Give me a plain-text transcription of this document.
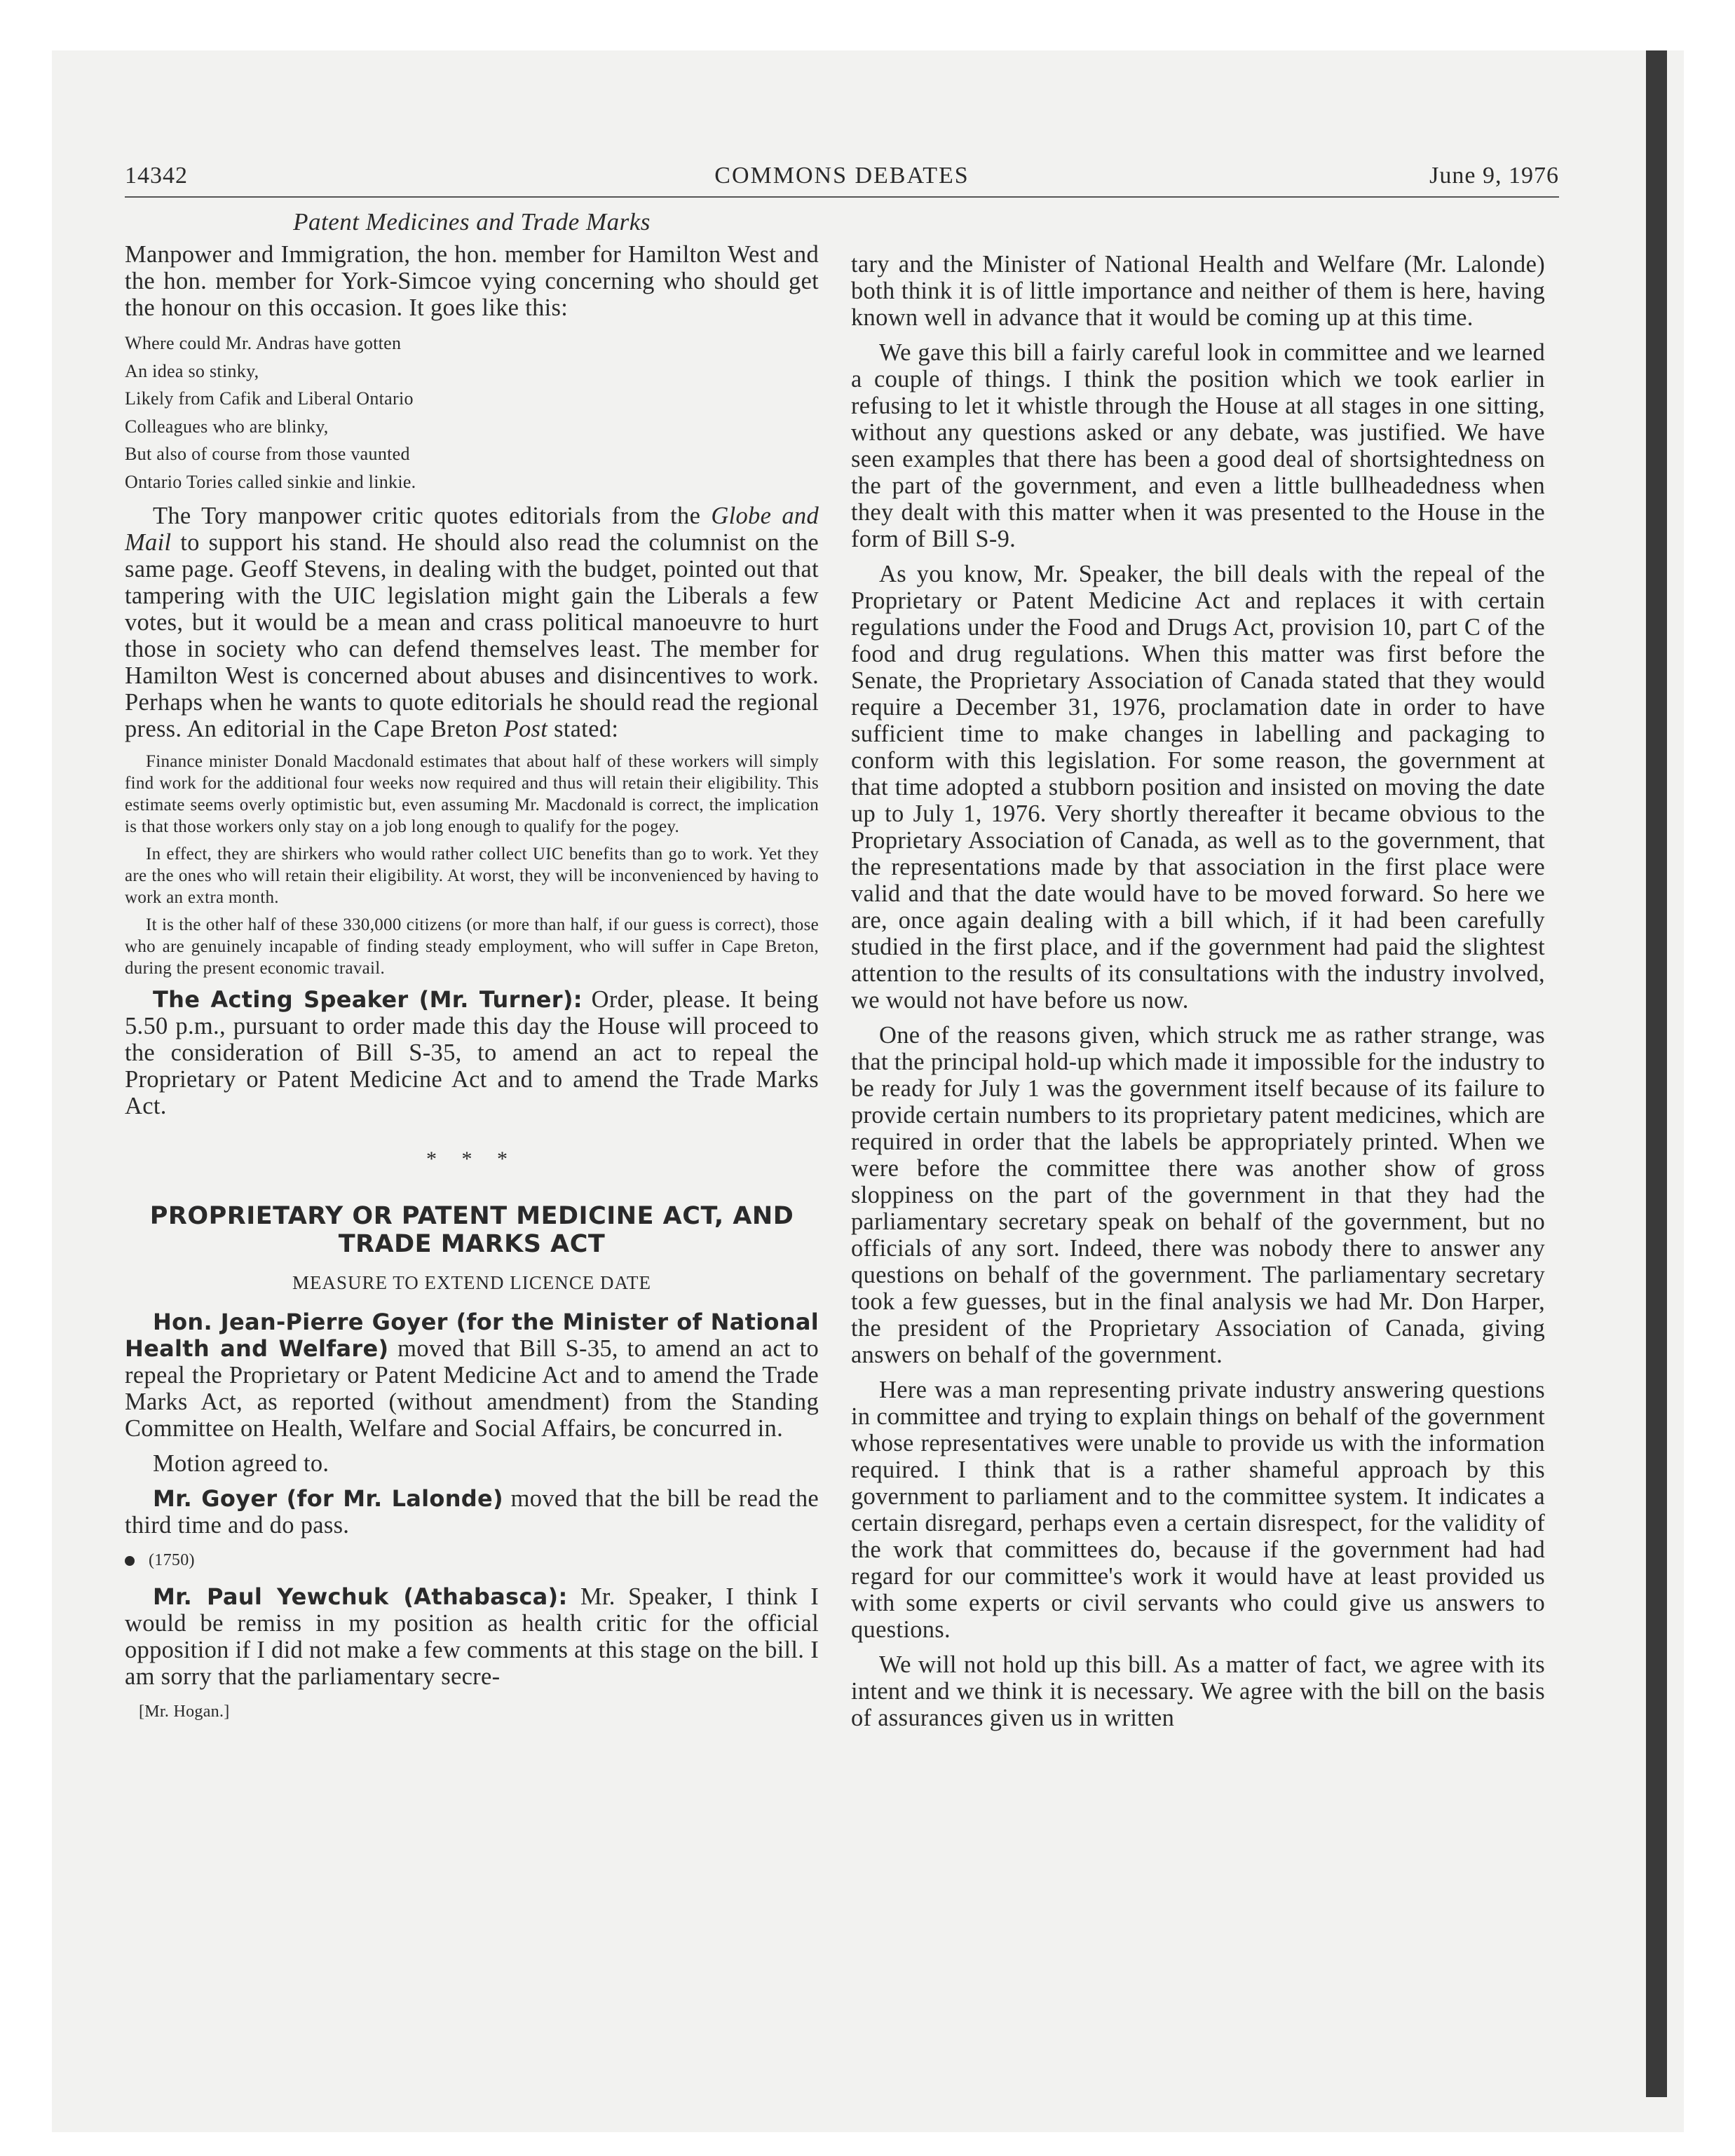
14342	COMMONS DEBATES	June 9, 1976
Patent Medicines and Trade Marks

Manpower and Immigration, the hon. member for Hamilton West and the hon. member for York-Simcoe vying concerning who should get the honour on this occasion. It goes like this:

Where could Mr. Andras have gotten
An idea so stinky,
Likely from Cafik and Liberal Ontario
Colleagues who are blinky,
But also of course from those vaunted
Ontario Tories called sinkie and linkie.

The Tory manpower critic quotes editorials from the Globe and Mail to support his stand. He should also read the columnist on the same page. Geoff Stevens, in dealing with the budget, pointed out that tampering with the UIC legislation might gain the Liberals a few votes, but it would be a mean and crass political manoeuvre to hurt those in society who can defend themselves least. The member for Hamilton West is concerned about abuses and disincentives to work. Perhaps when he wants to quote editorials he should read the regional press. An editorial in the Cape Breton Post stated:

Finance minister Donald Macdonald estimates that about half of these workers will simply find work for the additional four weeks now required and thus will retain their eligibility. This estimate seems overly optimistic but, even assuming Mr. Macdonald is correct, the implication is that those workers only stay on a job long enough to qualify for the pogey.

In effect, they are shirkers who would rather collect UIC benefits than go to work. Yet they are the ones who will retain their eligibility. At worst, they will be inconvenienced by having to work an extra month.

It is the other half of these 330,000 citizens (or more than half, if our guess is correct), those who are genuinely incapable of finding steady employment, who will suffer in Cape Breton, during the present economic travail.

The Acting Speaker (Mr. Turner): Order, please. It being 5.50 p.m., pursuant to order made this day the House will proceed to the consideration of Bill S-35, to amend an act to repeal the Proprietary or Patent Medicine Act and to amend the Trade Marks Act.

* * *
PROPRIETARY OR PATENT MEDICINE ACT, AND TRADE MARKS ACT
MEASURE TO EXTEND LICENCE DATE

Hon. Jean-Pierre Goyer (for the Minister of National Health and Welfare) moved that Bill S-35, to amend an act to repeal the Proprietary or Patent Medicine Act and to amend the Trade Marks Act, as reported (without amendment) from the Standing Committee on Health, Welfare and Social Affairs, be concurred in.

Motion agreed to.

Mr. Goyer (for Mr. Lalonde) moved that the bill be read the third time and do pass.

(1750)

Mr. Paul Yewchuk (Athabasca): Mr. Speaker, I think I would be remiss in my position as health critic for the official opposition if I did not make a few comments at this stage on the bill. I am sorry that the parliamentary secre-

[Mr. Hogan.]

tary and the Minister of National Health and Welfare (Mr. Lalonde) both think it is of little importance and neither of them is here, having known well in advance that it would be coming up at this time.

We gave this bill a fairly careful look in committee and we learned a couple of things. I think the position which we took earlier in refusing to let it whistle through the House at all stages in one sitting, without any questions asked or any debate, was justified. We have seen examples that there has been a good deal of shortsightedness on the part of the government, and even a little bullheadedness when they dealt with this matter when it was presented to the House in the form of Bill S-9.

As you know, Mr. Speaker, the bill deals with the repeal of the Proprietary or Patent Medicine Act and replaces it with certain regulations under the Food and Drugs Act, provision 10, part C of the food and drug regulations. When this matter was first before the Senate, the Proprietary Association of Canada stated that they would require a December 31, 1976, proclamation date in order to have sufficient time to make changes in labelling and packaging to conform with this legislation. For some reason, the government at that time adopted a stubborn position and insisted on moving the date up to July 1, 1976. Very shortly thereafter it became obvious to the Proprietary Association of Canada, as well as to the government, that the representations made by that association in the first place were valid and that the date would have to be moved forward. So here we are, once again dealing with a bill which, if it had been carefully studied in the first place, and if the government had paid the slightest attention to the results of its consultations with the industry involved, we would not have before us now.

One of the reasons given, which struck me as rather strange, was that the principal hold-up which made it impossible for the industry to be ready for July 1 was the government itself because of its failure to provide certain numbers to its proprietary patent medicines, which are required in order that the labels be appropriately printed. When we were before the committee there was another show of gross sloppiness on the part of the government in that they had the parliamentary secretary speak on behalf of the government, but no officials of any sort. Indeed, there was nobody there to answer any questions on behalf of the government. The parliamentary secretary took a few guesses, but in the final analysis we had Mr. Don Harper, the president of the Proprietary Association of Canada, giving answers on behalf of the government.

Here was a man representing private industry answering questions in committee and trying to explain things on behalf of the government whose representatives were unable to provide us with the information required. I think that is a rather shameful approach by this government to parliament and to the committee system. It indicates a certain disregard, perhaps even a certain disrespect, for the validity of the work that committees do, because if the government had had regard for our committee's work it would have at least provided us with some experts or civil servants who could give us answers to questions.

We will not hold up this bill. As a matter of fact, we agree with its intent and we think it is necessary. We agree with the bill on the basis of assurances given us in written
